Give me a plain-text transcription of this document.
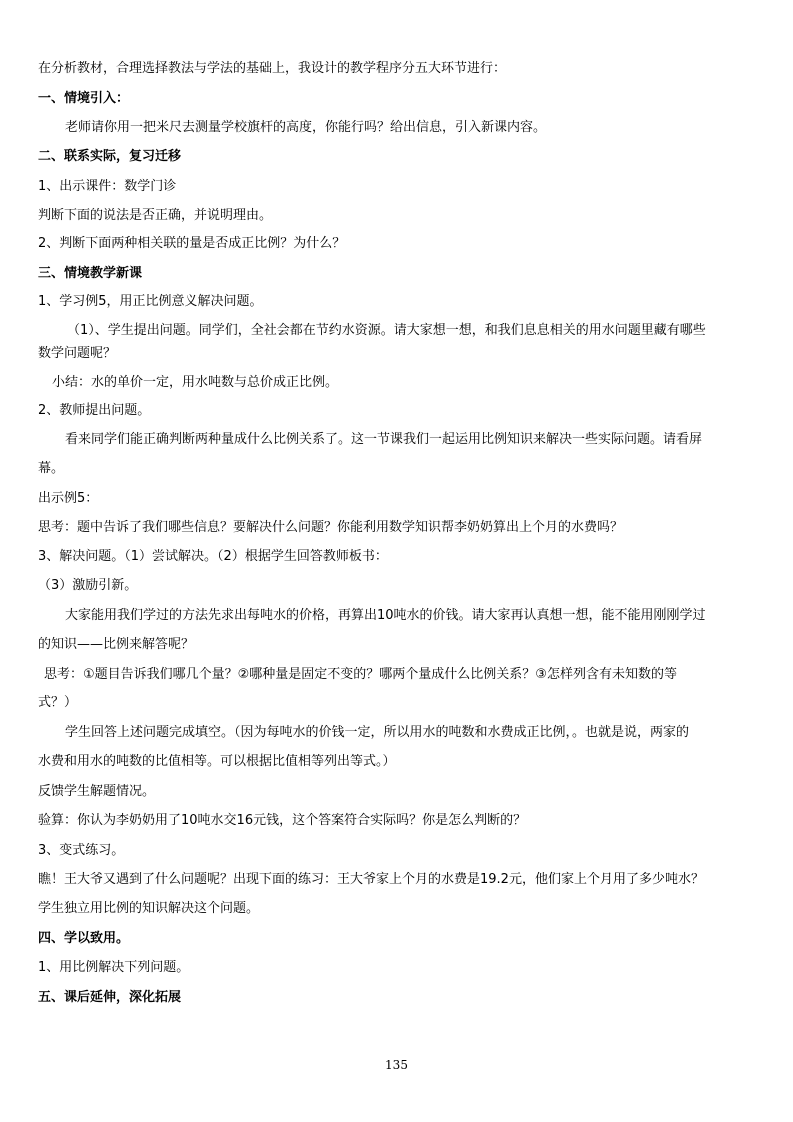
在分析教材，合理选择教法与学法的基础上，我设计的教学程序分五大环节进行：
一、情境引入：
老师请你用一把米尺去测量学校旗杆的高度，你能行吗？给出信息，引入新课内容。
二、联系实际，复习迁移
1、出示课件：数学门诊
判断下面的说法是否正确，并说明理由。
2、判断下面两种相关联的量是否成正比例？为什么？
三、情境教学新课
1、学习例5，用正比例意义解决问题。
（1）、学生提出问题。同学们，全社会都在节约水资源。请大家想一想，和我们息息相关的用水问题里藏有哪些
数学问题呢？
小结：水的单价一定，用水吨数与总价成正比例。
2、教师提出问题。
看来同学们能正确判断两种量成什么比例关系了。这一节课我们一起运用比例知识来解决一些实际问题。请看屏
幕。
出示例5：
思考：题中告诉了我们哪些信息？要解决什么问题？你能利用数学知识帮李奶奶算出上个月的水费吗？
3、解决问题。（1）尝试解决。（2）根据学生回答教师板书：
（3）激励引新。
大家能用我们学过的方法先求出每吨水的价格，再算出10吨水的价钱。请大家再认真想一想，能不能用刚刚学过
的知识——比例来解答呢？
思考：①题目告诉我们哪几个量？②哪种量是固定不变的？哪两个量成什么比例关系？③怎样列含有未知数的等
式？）
学生回答上述问题完成填空。（因为每吨水的价钱一定，所以用水的吨数和水费成正比例，。也就是说，两家的
水费和用水的吨数的比值相等。可以根据比值相等列出等式。）
反馈学生解题情况。
验算：你认为李奶奶用了10吨水交16元钱，这个答案符合实际吗？你是怎么判断的？
3、变式练习。
瞧！王大爷又遇到了什么问题呢？出现下面的练习：王大爷家上个月的水费是19.2元，他们家上个月用了多少吨水？
学生独立用比例的知识解决这个问题。
四、学以致用。
1、用比例解决下列问题。
五、课后延伸，深化拓展
135
